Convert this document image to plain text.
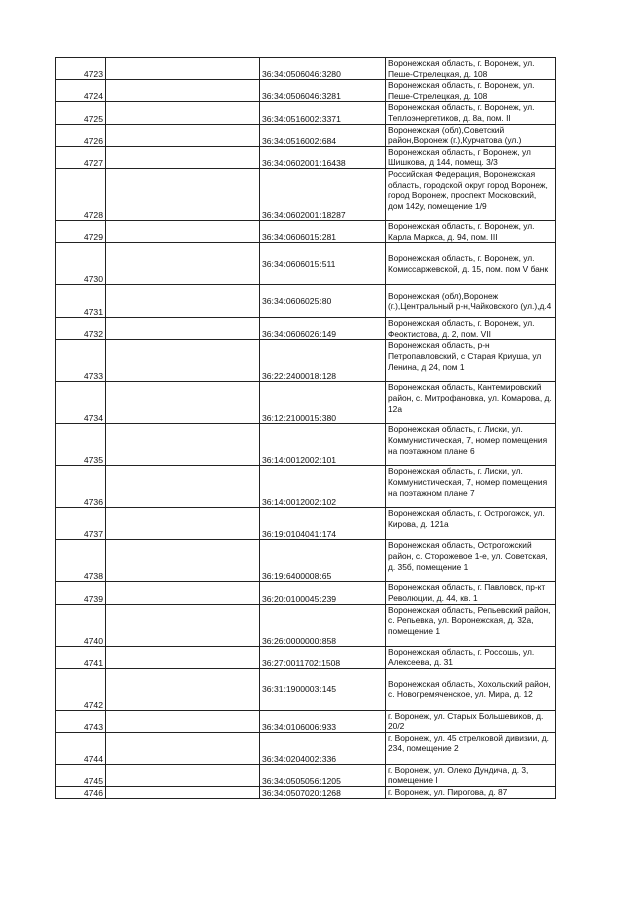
4723		36:34:0506046:3280	Воронежская область, г. Воронеж, ул. Пеше-Стрелецкая, д. 108
4724		36:34:0506046:3281	Воронежская область, г. Воронеж, ул. Пеше-Стрелецкая, д. 108
4725		36:34:0516002:3371	Воронежская область, г. Воронеж, ул. Теплоэнергетиков, д. 8а, пом. II
4726		36:34:0516002:684	Воронежская (обл),Советский район,Воронеж (г.),Курчатова (ул.)
4727		36:34:0602001:16438	Воронежская область, г Воронеж, ул Шишкова, д 144, помещ. 3/3
4728		36:34:0602001:18287	Российская Федерация, Воронежская область, городской округ город Воронеж, город Воронеж, проспект Московский, дом 142у, помещение 1/9
4729		36:34:0606015:281	Воронежская область, г. Воронеж, ул. Карла Маркса, д. 94, пом. III
4730		36:34:0606015:511	Воронежская область, г. Воронеж, ул. Комиссаржевской, д. 15, пом. пом V банк
4731		36:34:0606025:80	Воронежская (обл),Воронеж (г.),Центральный р-н,Чайковского (ул.),д.4
4732		36:34:0606026:149	Воронежская область, г. Воронеж, ул. Феоктистова, д. 2, пом. VII
4733		36:22:2400018:128	Воронежская область, р-н Петропавловский, с Старая Криуша, ул Ленина, д 24, пом 1
4734		36:12:2100015:380	Воронежская область, Кантемировский район, с. Митрофановка, ул. Комарова, д. 12а
4735		36:14:0012002:101	Воронежская область, г. Лиски, ул. Коммунистическая, 7, номер помещения на поэтажном плане 6
4736		36:14:0012002:102	Воронежская область, г. Лиски, ул. Коммунистическая, 7, номер помещения на поэтажном плане 7
4737		36:19:0104041:174	Воронежская область, г. Острогожск, ул. Кирова, д. 121а
4738		36:19:6400008:65	Воронежская область, Острогожский район, с. Сторожевое 1-е, ул. Советская, д. 35б, помещение 1
4739		36:20:0100045:239	Воронежская область, г. Павловск, пр-кт Революции, д. 44, кв. 1
4740		36:26:0000000:858	Воронежская область, Репьевский район, с. Репьевка, ул. Воронежская, д. 32а, помещение 1
4741		36:27:0011702:1508	Воронежская область, г. Россошь, ул. Алексеева, д. 31
4742		36:31:1900003:145	Воронежская область, Хохольский район, с. Новогремяченское, ул. Мира, д. 12
4743		36:34:0106006:933	г. Воронеж, ул. Старых Большевиков, д. 20/2
4744		36:34:0204002:336	г. Воронеж, ул. 45 стрелковой дивизии, д. 234, помещение 2
4745		36:34:0505056:1205	г. Воронеж, ул. Олеко Дундича, д. 3, помещение I
4746		36:34:0507020:1268	г. Воронеж, ул. Пирогова, д. 87
